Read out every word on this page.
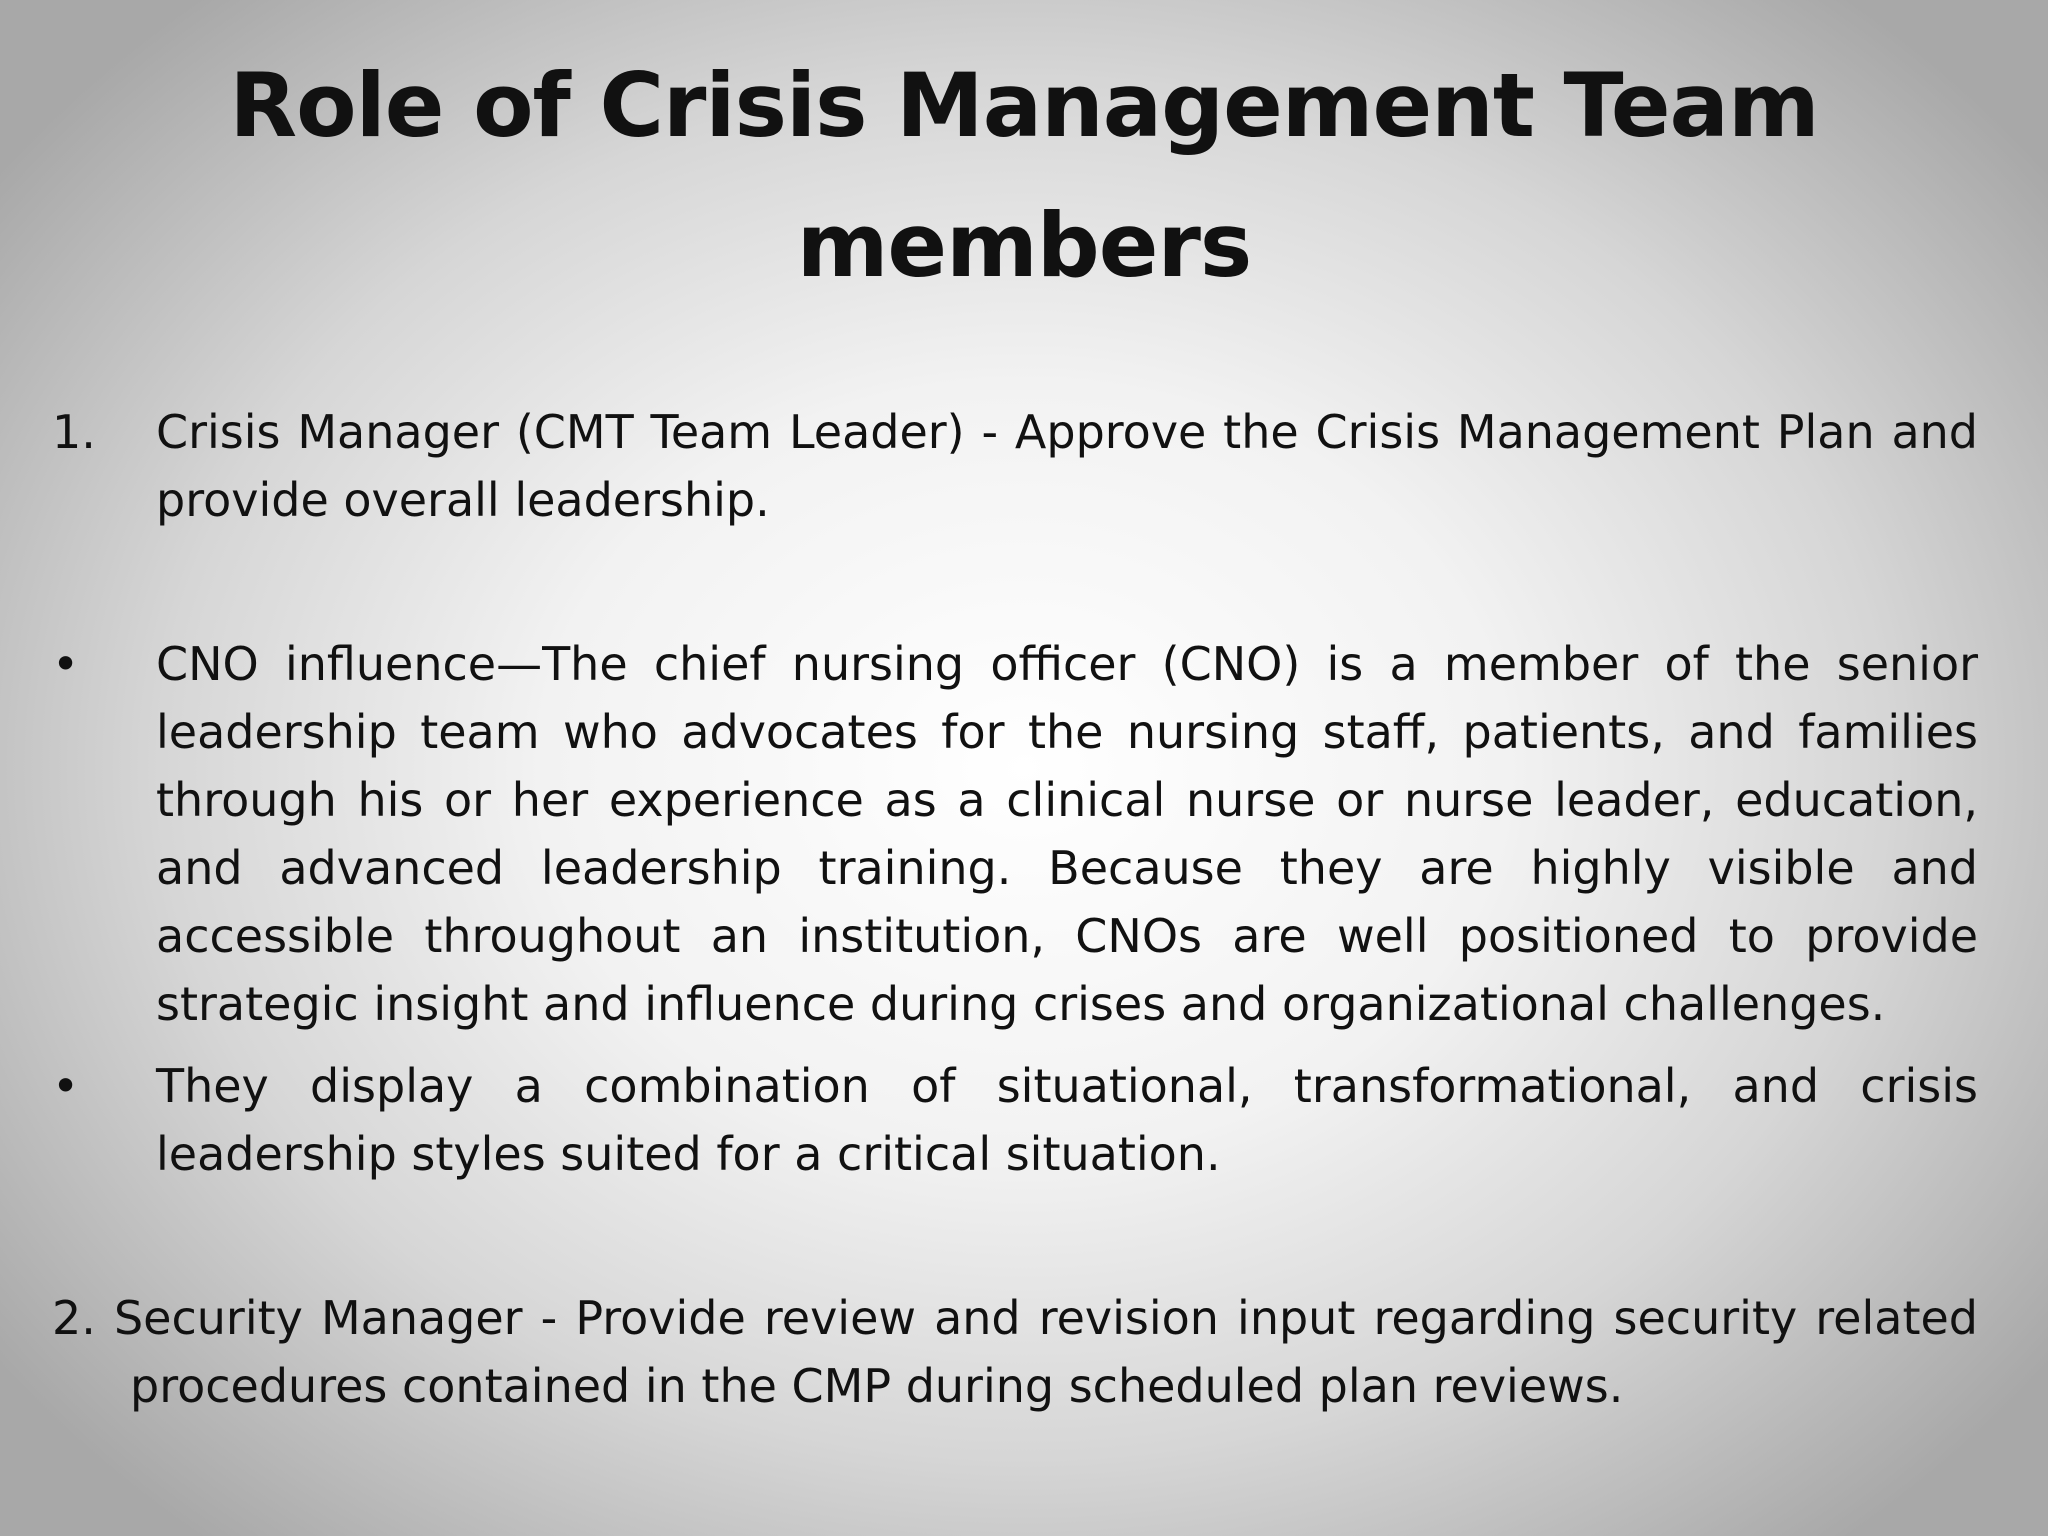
Role of Crisis Management Team members
1. Crisis Manager (CMT Team Leader) - Approve the Crisis Management Plan and provide overall leadership.
• CNO influence—The chief nursing officer (CNO) is a member of the senior leadership team who advocates for the nursing staff, patients, and families through his or her experience as a clinical nurse or nurse leader, education, and advanced leadership training. Because they are highly visible and accessible throughout an institution, CNOs are well positioned to provide strategic insight and influence during crises and organizational challenges.
• They display a combination of situational, transformational, and crisis leadership styles suited for a critical situation.
2. Security Manager - Provide review and revision input regarding security related
procedures contained in the CMP during scheduled plan reviews.
